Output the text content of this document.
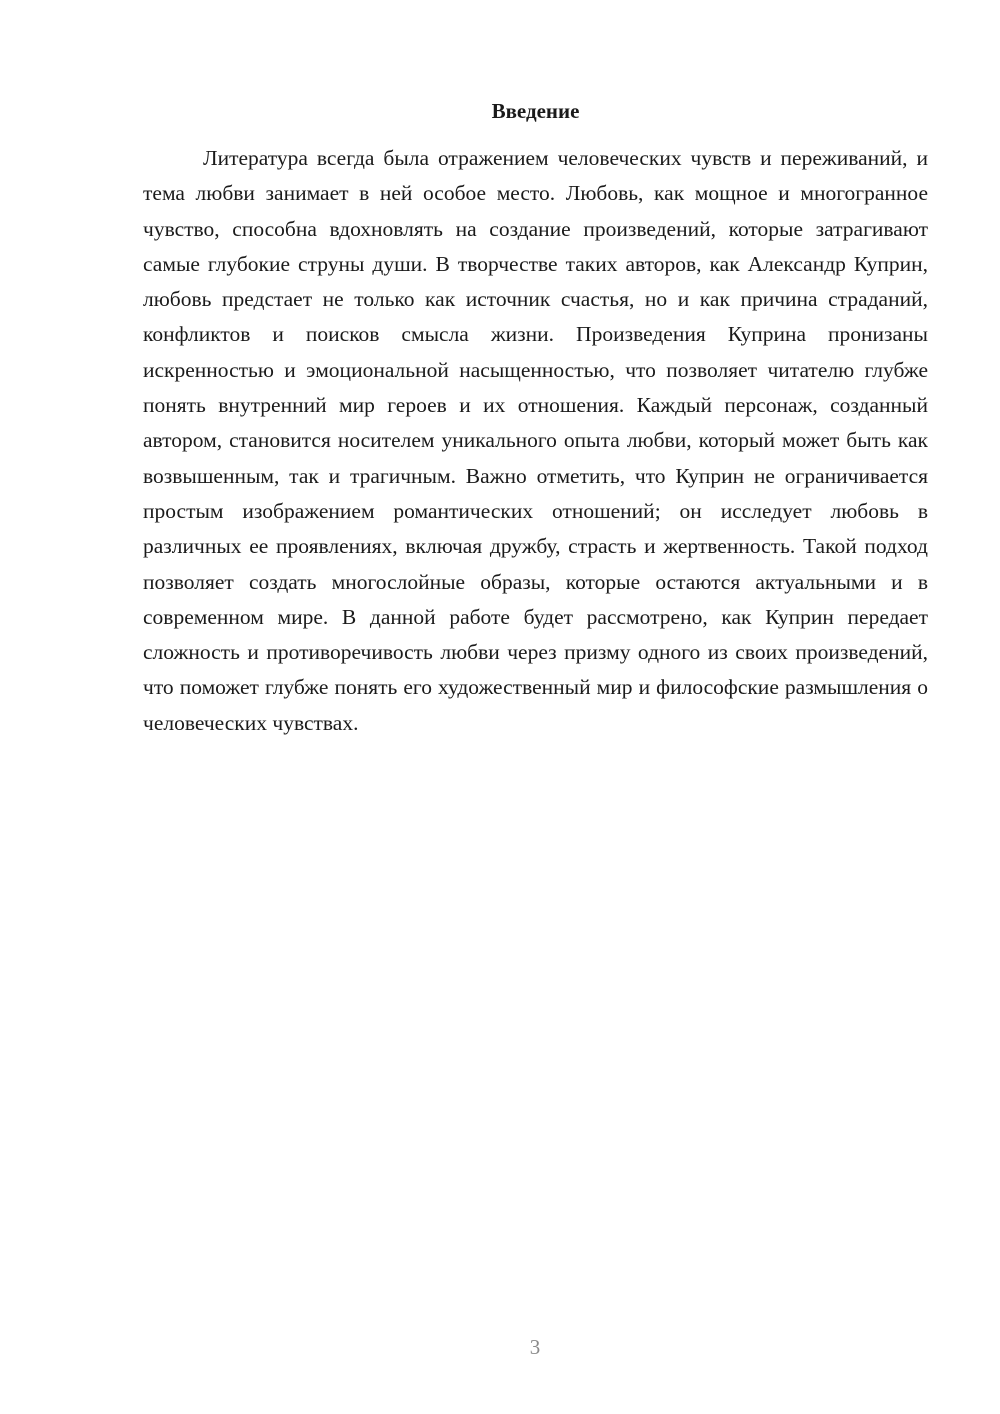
Введение

Литература всегда была отражением человеческих чувств и переживаний, и тема любви занимает в ней особое место. Любовь, как мощное и многогранное чувство, способна вдохновлять на создание произведений, которые затрагивают самые глубокие струны души. В творчестве таких авторов, как Александр Куприн, любовь предстает не только как источник счастья, но и как причина страданий, конфликтов и поисков смысла жизни. Произведения Куприна пронизаны искренностью и эмоциональной насыщенностью, что позволяет читателю глубже понять внутренний мир героев и их отношения. Каждый персонаж, созданный автором, становится носителем уникального опыта любви, который может быть как возвышенным, так и трагичным. Важно отметить, что Куприн не ограничивается простым изображением романтических отношений; он исследует любовь в различных ее проявлениях, включая дружбу, страсть и жертвенность. Такой подход позволяет создать многослойные образы, которые остаются актуальными и в современном мире. В данной работе будет рассмотрено, как Куприн передает сложность и противоречивость любви через призму одного из своих произведений, что поможет глубже понять его художественный мир и философские размышления о человеческих чувствах.

3
